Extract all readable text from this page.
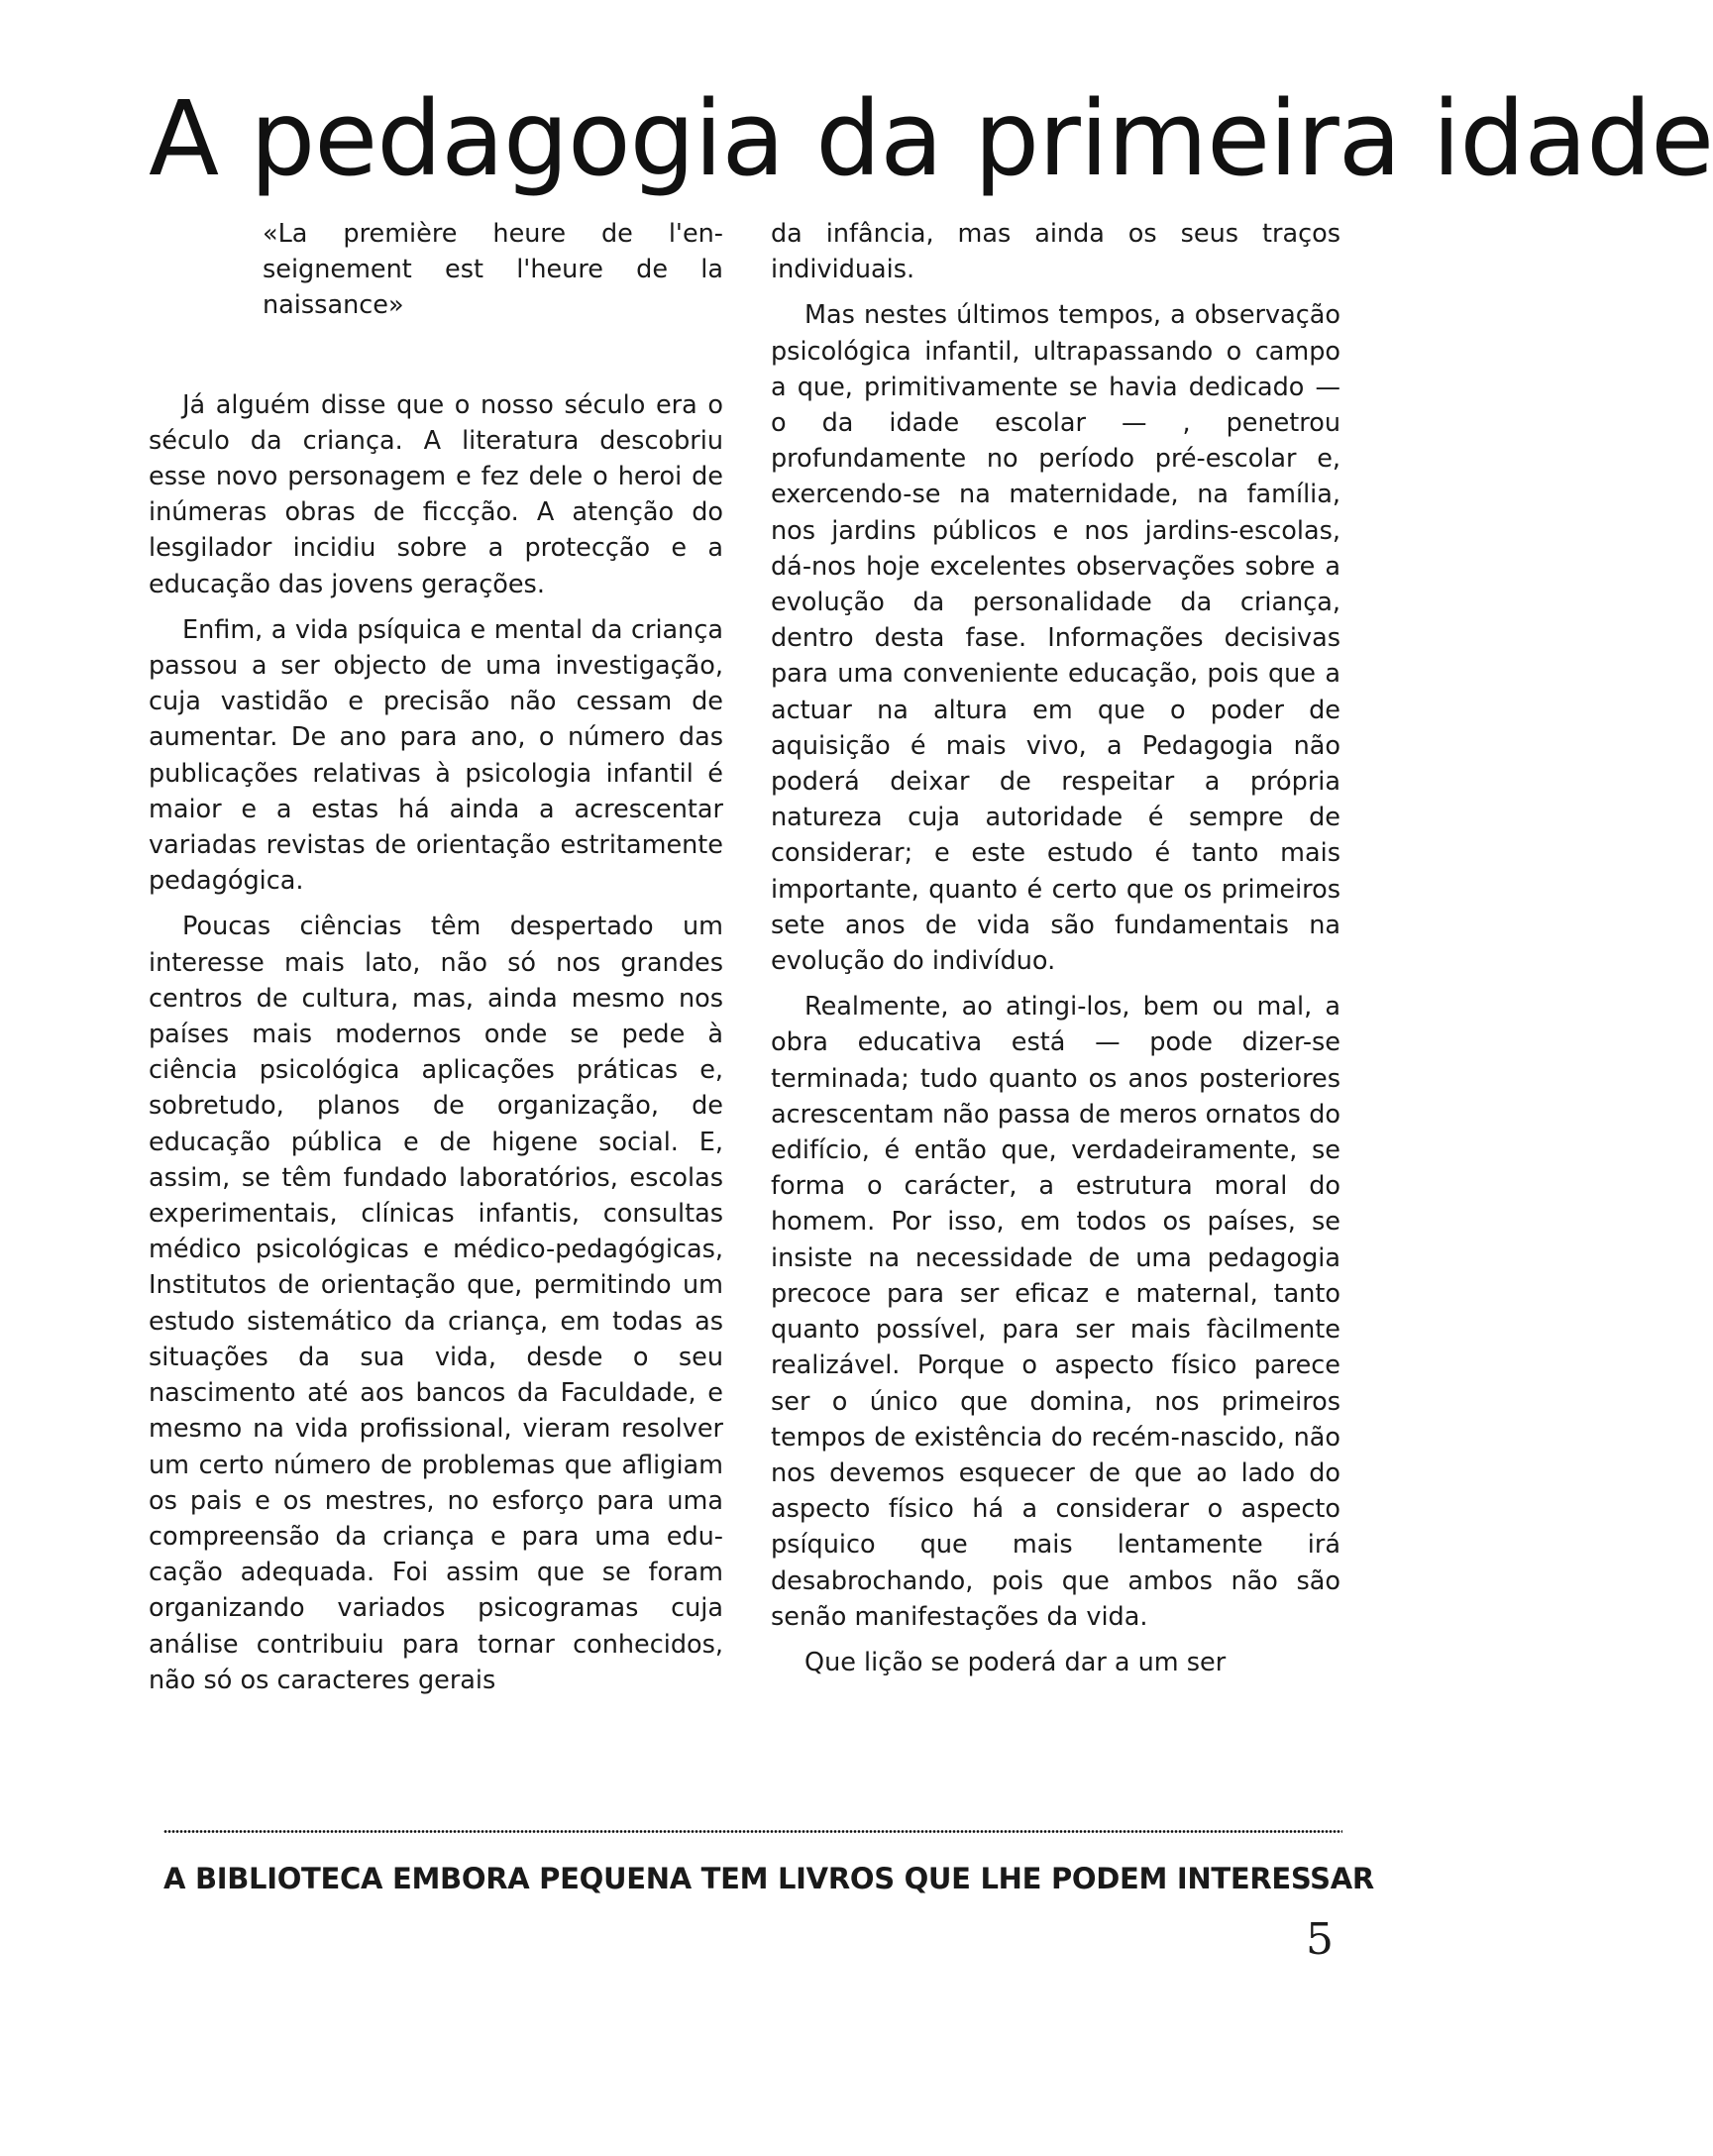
A pedagogia da primeira idade

«La première heure de l'enseignement est l'heure de la naissance»

Já alguém disse que o nosso século era o século da criança. A literatura descobriu esse novo personagem e fez dele o heroi de inúmeras obras de ficcção. A atenção do lesgilador incidiu sobre a protecção e a educação das jovens gerações.

Enfim, a vida psíquica e mental da criança passou a ser objecto de uma investigação, cuja vastidão e precisão não cessam de aumentar. De ano para ano, o número das publicações relativas à psicologia infantil é maior e a estas há ainda a acrescentar variadas revistas de orientação estritamente pedagógica.

Poucas ciências têm despertado um interesse mais lato, não só nos grandes centros de cultura, mas, ainda mesmo nos países mais modernos onde se pede à ciência psicológica aplicações práticas e, sobretudo, planos de organização, de educação pública e de higene social. E, assim, se têm fundado laboratórios, escolas experimentais, clínicas infantis, consultas médico psicológicas e médico-pedagógicas, Institutos de orientação que, permitindo um estudo sistemático da criança, em todas as situações da sua vida, desde o seu nascimento até aos bancos da Faculdade, e mesmo na vida profissional, vieram resolver um certo número de problemas que afligiam os pais e os mestres, no esforço para uma compreensão da criança e para uma educação adequada. Foi assim que se foram organizando variados psicogramas cuja análise contribuiu para tornar conhecidos, não só os caracteres gerais

da infância, mas ainda os seus traços individuais.

Mas nestes últimos tempos, a observação psicológica infantil, ultrapassando o campo a que, primitivamente se havia dedicado — o da idade escolar — , penetrou profundamente no período pré-escolar e, exercendo-se na maternidade, na família, nos jardins públicos e nos jardins-escolas, dá-nos hoje excelentes observações sobre a evolução da personalidade da criança, dentro desta fase. Informações decisivas para uma conveniente educação, pois que a actuar na altura em que o poder de aquisição é mais vivo, a Pedagogia não poderá deixar de respeitar a própria natureza cuja autoridade é sempre de considerar; e este estudo é tanto mais importante, quanto é certo que os primeiros sete anos de vida são fundamentais na evolução do indivíduo.

Realmente, ao atingi-los, bem ou mal, a obra educativa está — pode dizer-se terminada; tudo quanto os anos posteriores acrescentam não passa de meros ornatos do edifício, é então que, verdadeiramente, se forma o carácter, a estrutura moral do homem. Por isso, em todos os países, se insiste na necessidade de uma pedagogia precoce para ser eficaz e maternal, tanto quanto possível, para ser mais fàcilmente realizável. Porque o aspecto físico parece ser o único que domina, nos primeiros tempos de existência do recém-nascido, não nos devemos esquecer de que ao lado do aspecto físico há a considerar o aspecto psíquico que mais lentamente irá desabrochando, pois que ambos não são senão manifestações da vida.

Que lição se poderá dar a um ser

A BIBLIOTECA EMBORA PEQUENA TEM LIVROS QUE LHE PODEM INTERESSAR
5
